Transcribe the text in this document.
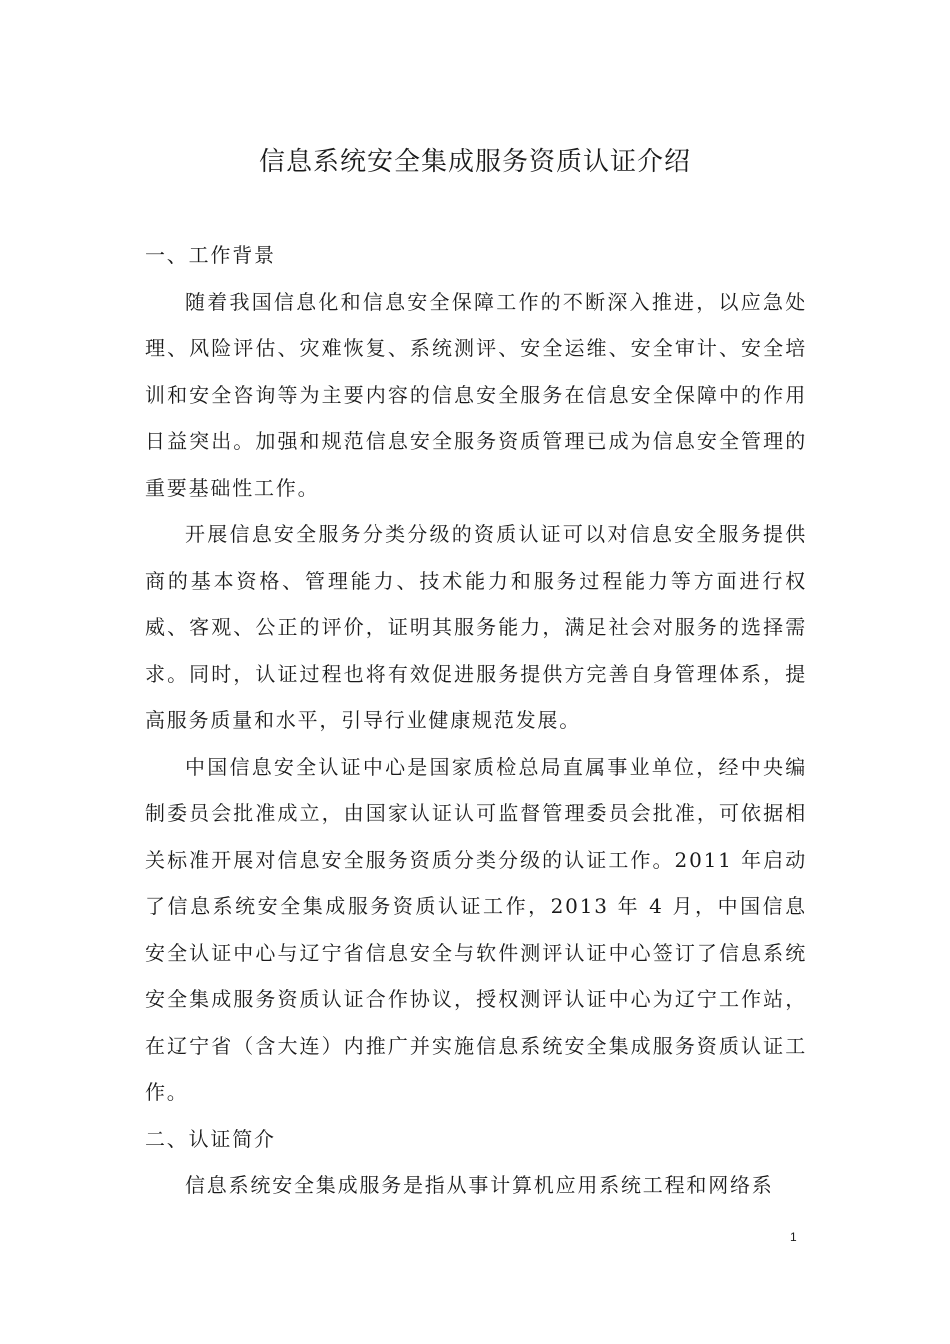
信息系统安全集成服务资质认证介绍

一、工作背景

随着我国信息化和信息安全保障工作的不断深入推进，以应急处理、风险评估、灾难恢复、系统测评、安全运维、安全审计、安全培训和安全咨询等为主要内容的信息安全服务在信息安全保障中的作用日益突出。加强和规范信息安全服务资质管理已成为信息安全管理的重要基础性工作。

开展信息安全服务分类分级的资质认证可以对信息安全服务提供商的基本资格、管理能力、技术能力和服务过程能力等方面进行权威、客观、公正的评价，证明其服务能力，满足社会对服务的选择需求。同时，认证过程也将有效促进服务提供方完善自身管理体系，提高服务质量和水平，引导行业健康规范发展。

中国信息安全认证中心是国家质检总局直属事业单位，经中央编制委员会批准成立，由国家认证认可监督管理委员会批准，可依据相关标准开展对信息安全服务资质分类分级的认证工作。2011 年启动了信息系统安全集成服务资质认证工作，2013 年 4 月，中国信息安全认证中心与辽宁省信息安全与软件测评认证中心签订了信息系统安全集成服务资质认证合作协议，授权测评认证中心为辽宁工作站，在辽宁省（含大连）内推广并实施信息系统安全集成服务资质认证工作。

二、认证简介

信息系统安全集成服务是指从事计算机应用系统工程和网络系

1
